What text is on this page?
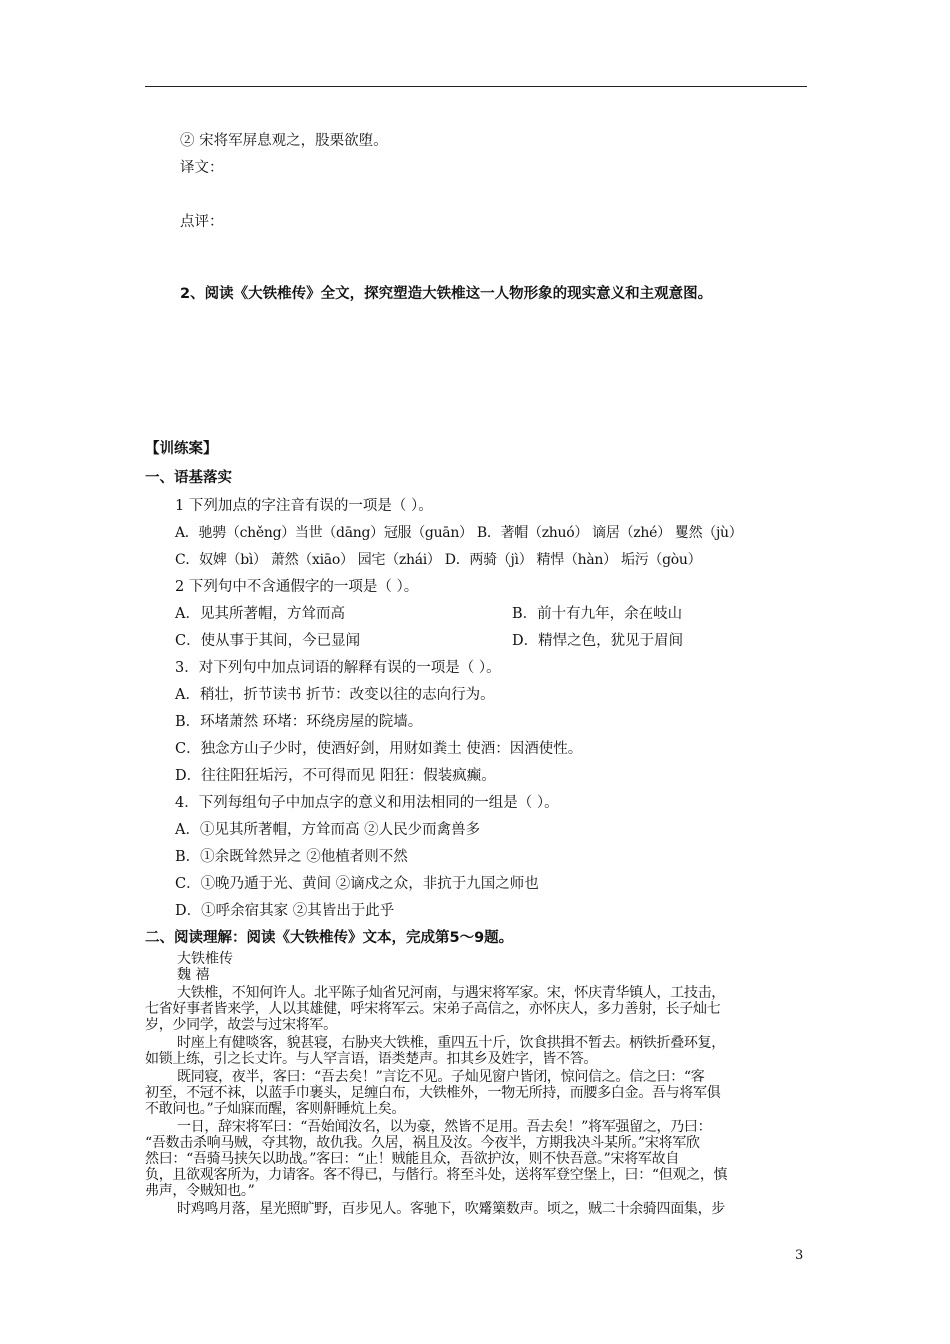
② 宋将军屏息观之，股栗欲堕。
译文：
点评：
2、阅读《大铁椎传》全文，探究塑造大铁椎这一人物形象的现实意义和主观意图。
【训练案】
一、语基落实
1 下列加点的字注音有误的一项是（ ）。
A．驰骋（chěng）当世（dāng）冠服（guān） B．著帽（zhuó） 谪居（zhé） 矍然（jù）
C．奴婢（bì） 萧然（xiāo） 园宅（zhái） D．两骑（jì） 精悍（hàn） 垢污（gòu）
2 下列句中不含通假字的一项是（ ）。
A．见其所著帽，方耸而高	B．前十有九年，余在岐山
C．使从事于其间，今已显闻	D．精悍之色，犹见于眉间
3．对下列句中加点词语的解释有误的一项是（ ）。
A．稍壮，折节读书 折节：改变以往的志向行为。
B．环堵萧然 环堵：环绕房屋的院墙。
C．独念方山子少时，使酒好剑，用财如粪土 使酒：因酒使性。
D．往往阳狂垢污，不可得而见 阳狂：假装疯癫。
4．下列每组句子中加点字的意义和用法相同的一组是（ ）。
A．①见其所著帽，方耸而高 ②人民少而禽兽多
B．①余既耸然异之 ②他植者则不然
C．①晚乃遁于光、黄间 ②谪戍之众，非抗于九国之师也
D．①呼余宿其家 ②其皆出于此乎
二、阅读理解：阅读《大铁椎传》文本，完成第5～9题。
大铁椎传
魏 禧
大铁椎，不知何许人。北平陈子灿省兄河南，与遇宋将军家。宋，怀庆青华镇人，工技击，
七省好事者皆来学，人以其雄健，呼宋将军云。宋弟子高信之，亦怀庆人，多力善射，长子灿七
岁，少同学，故尝与过宋将军。
时座上有健啖客，貌甚寝，右胁夹大铁椎，重四五十斤，饮食拱揖不暂去。柄铁折叠环复，
如锁上练，引之长丈许。与人罕言语，语类楚声。扣其乡及姓字，皆不答。
既同寝，夜半，客曰：“吾去矣！”言讫不见。子灿见窗户皆闭，惊问信之。信之曰：“客
初至，不冠不袜，以蓝手巾裹头，足缠白布，大铁椎外，一物无所持，而腰多白金。吾与将军俱
不敢问也。”子灿寐而醒，客则鼾睡炕上矣。
一日，辞宋将军曰：“吾始闻汝名，以为豪，然皆不足用。吾去矣！”将军强留之，乃曰：
“吾数击杀响马贼，夺其物，故仇我。久居，祸且及汝。今夜半，方期我决斗某所。”宋将军欣
然曰：“吾骑马挟矢以助战。”客曰：“止！贼能且众，吾欲护汝，则不快吾意。”宋将军故自
负，且欲观客所为，力请客。客不得已，与偕行。将至斗处，送将军登空堡上，曰：“但观之，慎
弗声，令贼知也。”
时鸡鸣月落，星光照旷野，百步见人。客驰下，吹觱篥数声。顷之，贼二十余骑四面集，步
3
